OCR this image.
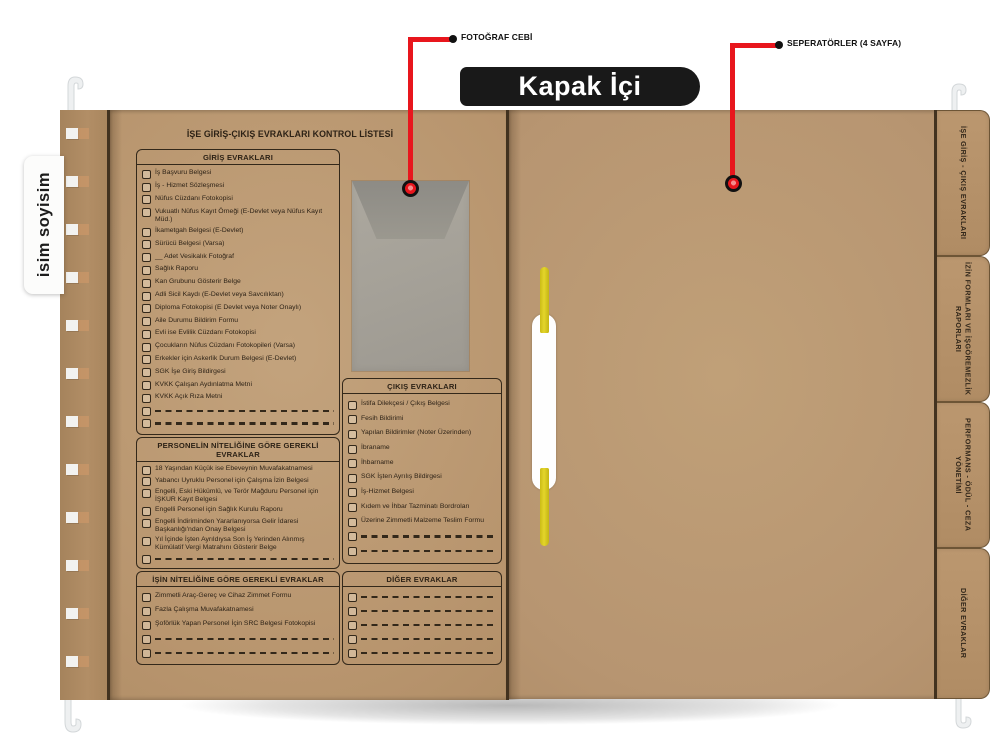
İŞE GİRİŞ - ÇIKIŞ EVRAKLARI
İZİN FORMLARI VE İŞGÖREMEZLİK RAPORLARI
PERFORMANS - ÖDÜL - CEZA YÖNETİMİ
DİĞER EVRAKLAR
isim soyisim
İŞE GİRİŞ-ÇIKIŞ EVRAKLARI KONTROL LİSTESİ
GİRİŞ EVRAKLARI
İş Başvuru Belgesi
İş - Hizmet Sözleşmesi
Nüfus Cüzdanı Fotokopisi
Vukuatlı Nüfus Kayıt Örneği (E-Devlet veya Nüfus Kayıt Müd.)
İkametgah Belgesi (E-Devlet)
Sürücü Belgesi (Varsa)
__ Adet Vesikalık Fotoğraf
Sağlık Raporu
Kan Grubunu Gösterir Belge
Adli Sicil Kaydı (E-Devlet veya Savcılıktan)
Diploma Fotokopisi (E Devlet veya Noter Onaylı)
Aile Durumu Bildirim Formu
Evli ise Evlilik Cüzdanı Fotokopisi
Çocukların Nüfus Cüzdanı Fotokopileri (Varsa)
Erkekler için Askerlik Durum Belgesi (E-Devlet)
SGK İşe Giriş Bildirgesi
KVKK Çalışan Aydınlatma Metni
KVKK Açık Rıza Metni
PERSONELİN NİTELİĞİNE GÖRE GEREKLİ EVRAKLAR
18 Yaşından Küçük ise Ebeveynin Muvafakatnamesi
Yabancı Uyruklu Personel için Çalışma İzin Belgesi
Engelli, Eski Hükümlü, ve Terör Mağduru Personel için İŞKUR Kayıt Belgesi
Engelli Personel için Sağlık Kurulu Raporu
Engelli İndiriminden Yararlanıyorsa Gelir İdaresi Başkanlığı'ndan Onay Belgesi
Yıl İçinde İşten Ayrıldıysa Son İş Yerinden Alınmış Kümülatif Vergi Matrahını Gösterir Belge
İŞİN NİTELİĞİNE GÖRE GEREKLİ EVRAKLAR
Zimmetli Araç-Gereç ve Cihaz Zimmet Formu
Fazla Çalışma Muvafakatnamesi
Şoförlük Yapan Personel İçin SRC Belgesi Fotokopisi
ÇIKIŞ EVRAKLARI
İstifa Dilekçesi / Çıkış Belgesi
Fesih Bildirimi
Yapılan Bildirimler (Noter Üzerinden)
İbraname
İhbarname
SGK İşten Ayrılış Bildirgesi
İş-Hizmet Belgesi
Kıdem ve İhbar Tazminatı Bordroları
Üzerine Zimmetli Malzeme Teslim Formu
DİĞER EVRAKLAR
FOTOĞRAF CEBİ
SEPERATÖRLER (4 SAYFA)
Kapak İçi
